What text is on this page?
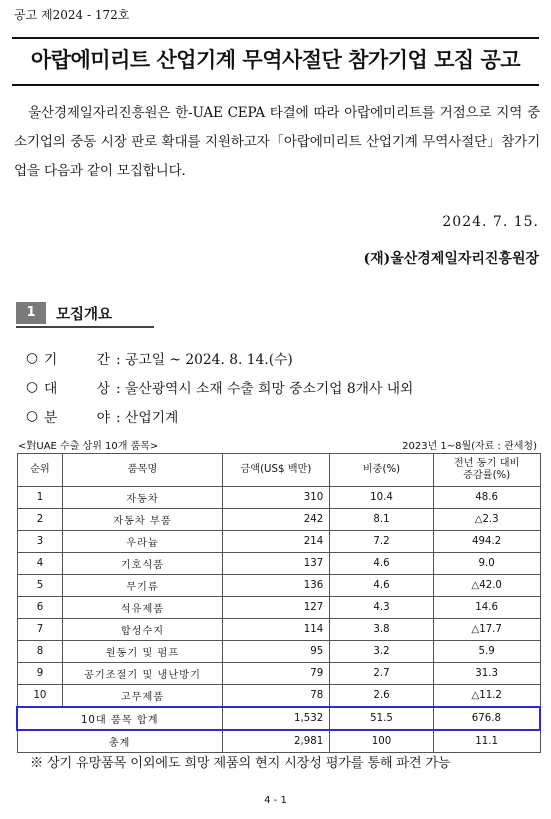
공고 제2024 - 172호
아랍에미리트 산업기계 무역사절단 참가기업 모집 공고
울산경제일자리진흥원은 한-UAE CEPA 타결에 따라 아랍에미리트를 거점으로 지역 중소기업의 중동 시장 판로 확대를 지원하고자「아랍에미리트 산업기계 무역사절단」참가기업을 다음과 같이 모집합니다.
2024. 7. 15.
(재)울산경제일자리진흥원장
1	모집개요
○ 기	간 : 공고일 ~ 2024. 8. 14.(수)
○ 대	상 : 울산광역시 소재 수출 희망 중소기업 8개사 내외
○ 분	야 : 산업기계
<對UAE 수출 상위 10개 품목>	2023년 1~8월(자료 : 관세청)
순위	품목명	금액(US$ 백만)	비중(%)	전년 동기 대비 증감률(%)
1	자동차	310	10.4	48.6
2	자동차 부품	242	8.1	△2.3
3	우라늄	214	7.2	494.2
4	기호식품	137	4.6	9.0
5	무기류	136	4.6	△42.0
6	석유제품	127	4.3	14.6
7	합성수지	114	3.8	△17.7
8	원동기 및 펌프	95	3.2	5.9
9	공기조절기 및 냉난방기	79	2.7	31.3
10	고무제품	78	2.6	△11.2
10대 품목 합계		1,532	51.5	676.8
총계		2,981	100	11.1
※ 상기 유망품목 이외에도 희망 제품의 현지 시장성 평가를 통해 파견 가능
4 - 1
